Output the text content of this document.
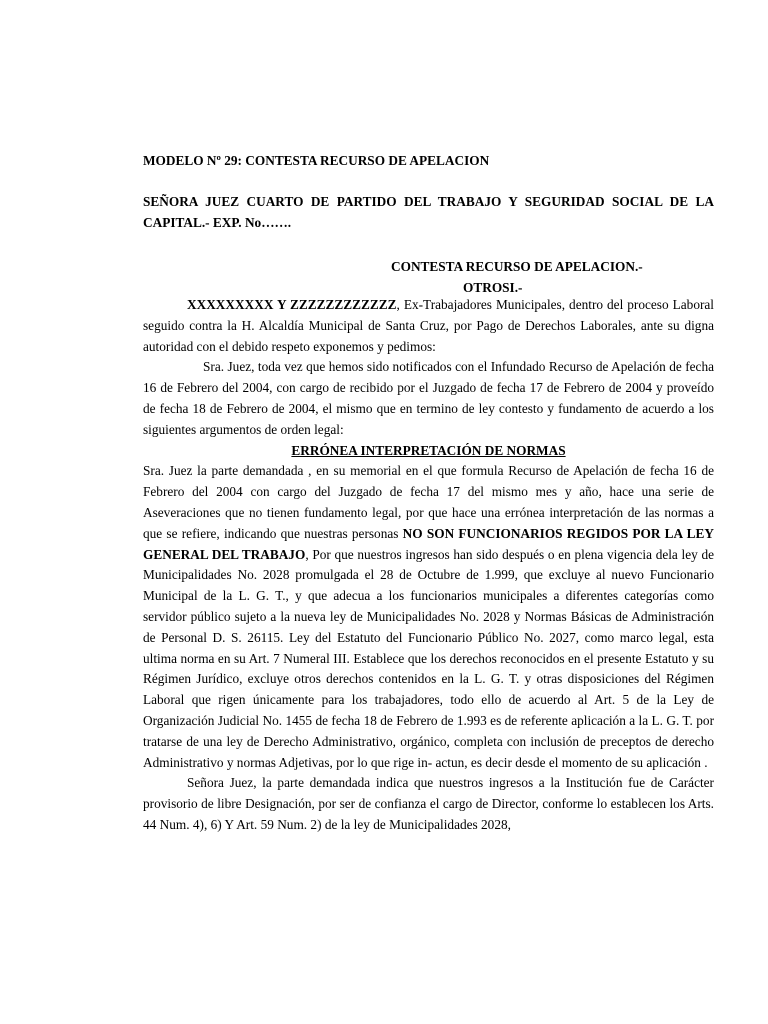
MODELO Nº 29: CONTESTA RECURSO DE APELACION
SEÑORA JUEZ CUARTO DE PARTIDO DEL TRABAJO Y SEGURIDAD SOCIAL DE LA CAPITAL.- EXP. No…….
CONTESTA RECURSO DE APELACION.-
OTROSI.-

XXXXXXXXX Y ZZZZZZZZZZZZ, Ex-Trabajadores Municipales, dentro del proceso Laboral seguido contra la H. Alcaldía Municipal de Santa Cruz, por Pago de Derechos Laborales, ante su digna autoridad con el debido respeto exponemos y pedimos:

Sra. Juez, toda vez que hemos sido notificados con el Infundado Recurso de Apelación de fecha 16 de Febrero del 2004, con cargo de recibido por el Juzgado de fecha 17 de Febrero de 2004 y proveído de fecha 18 de Febrero de 2004, el mismo que en termino de ley contesto y fundamento de acuerdo a los siguientes argumentos de orden legal:

ERRÓNEA INTERPRETACIÓN DE NORMAS

Sra. Juez la parte demandada , en su memorial en el que formula Recurso de Apelación de fecha 16 de Febrero del 2004 con cargo del Juzgado de fecha 17 del mismo mes y año, hace una serie de Aseveraciones que no tienen fundamento legal, por que hace una errónea interpretación de las normas a que se refiere, indicando que nuestras personas NO SON FUNCIONARIOS REGIDOS POR LA LEY GENERAL DEL TRABAJO, Por que nuestros ingresos han sido después o en plena vigencia dela ley de Municipalidades No. 2028 promulgada el 28 de Octubre de 1.999, que excluye al nuevo Funcionario Municipal de la L. G. T., y que adecua a los funcionarios municipales a diferentes categorías como servidor público sujeto a la nueva ley de Municipalidades No. 2028 y Normas Básicas de Administración de Personal D. S. 26115. Ley del Estatuto del Funcionario Público No. 2027, como marco legal, esta ultima norma en su Art. 7 Numeral III. Establece que los derechos reconocidos en el presente Estatuto y su Régimen Jurídico, excluye otros derechos contenidos en la L. G. T. y otras disposiciones del Régimen Laboral que rigen únicamente para los trabajadores, todo ello de acuerdo al Art. 5 de la Ley de Organización Judicial No. 1455 de fecha 18 de Febrero de 1.993 es de referente aplicación a la L. G. T. por tratarse de una ley de Derecho Administrativo, orgánico, completa con inclusión de preceptos de derecho Administrativo y normas Adjetivas, por lo que rige in- actun, es decir desde el momento de su aplicación .

Señora Juez, la parte demandada indica que nuestros ingresos a la Institución fue de Carácter provisorio de libre Designación, por ser de confianza el cargo de Director, conforme lo establecen los Arts. 44 Num. 4), 6) Y Art. 59 Num. 2) de la ley de Municipalidades 2028,
